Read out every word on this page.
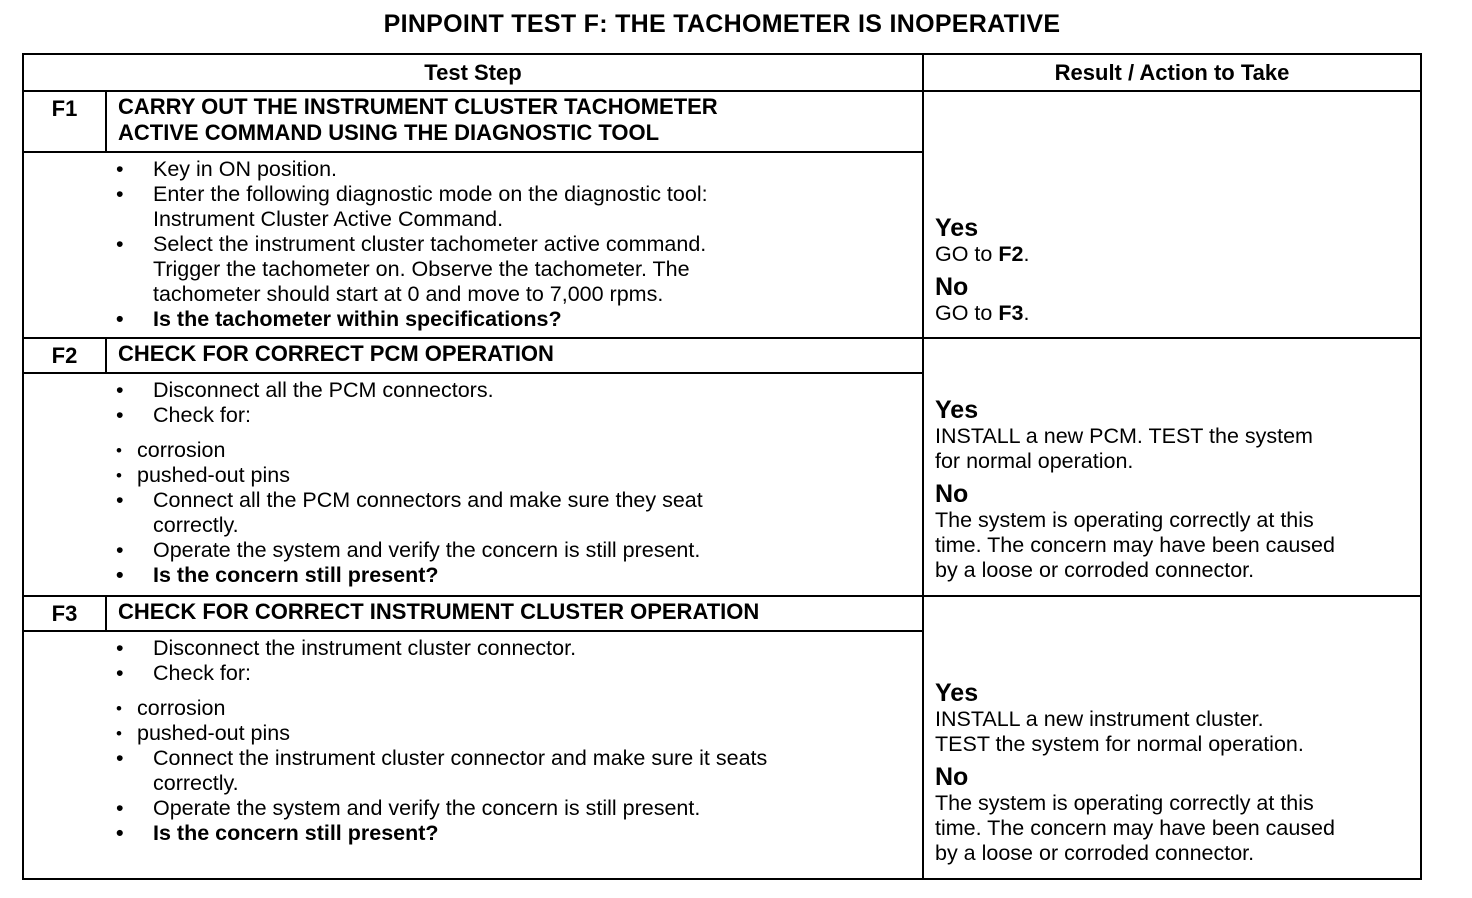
PINPOINT TEST F: THE TACHOMETER IS INOPERATIVE
Test Step	Result / Action to Take
F1	CARRY OUT THE INSTRUMENT CLUSTER TACHOMETER
ACTIVE COMMAND USING THE DIAGNOSTIC TOOL
• Key in ON position.
• Enter the following diagnostic mode on the diagnostic tool:
Instrument Cluster Active Command.
• Select the instrument cluster tachometer active command.
Trigger the tachometer on. Observe the tachometer. The
tachometer should start at 0 and move to 7,000 rpms.
• Is the tachometer within specifications?
Yes
GO to F2.
No
GO to F3.
F2	CHECK FOR CORRECT PCM OPERATION
• Disconnect all the PCM connectors.
• Check for:
• corrosion
• pushed-out pins
• Connect all the PCM connectors and make sure they seat
correctly.
• Operate the system and verify the concern is still present.
• Is the concern still present?
Yes
INSTALL a new PCM. TEST the system
for normal operation.
No
The system is operating correctly at this
time. The concern may have been caused
by a loose or corroded connector.
F3	CHECK FOR CORRECT INSTRUMENT CLUSTER OPERATION
• Disconnect the instrument cluster connector.
• Check for:
• corrosion
• pushed-out pins
• Connect the instrument cluster connector and make sure it seats
correctly.
• Operate the system and verify the concern is still present.
• Is the concern still present?
Yes
INSTALL a new instrument cluster.
TEST the system for normal operation.
No
The system is operating correctly at this
time. The concern may have been caused
by a loose or corroded connector.
